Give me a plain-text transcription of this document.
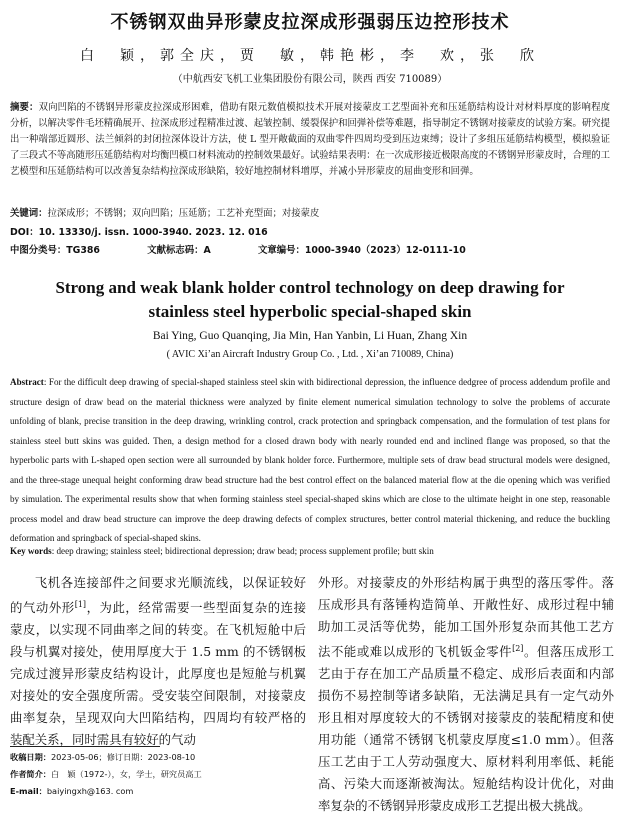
不锈钢双曲异形蒙皮拉深成形强弱压边控形技术
白　颖，郭全庆，贾　敏，韩艳彬，李　欢，张　欣
（中航西安飞机工业集团股份有限公司，陕西 西安 710089）
摘要：双向凹陷的不锈钢异形蒙皮拉深成形困难，借助有限元数值模拟技术开展对接蒙皮工艺型面补充和压延筋结构设计对材料厚度的影响程度分析，以解决零件毛坯精确展开、拉深成形过程精准过渡、起皱控制、缓裂保护和回弹补偿等难题，指导制定不锈钢对接蒙皮的试验方案。研究提出一种端部近圆形、法兰倾斜的封闭拉深体设计方法，使 L 型开敞截面的双曲零件四周均受到压边束缚；设计了多组压延筋结构模型，模拟验证了三段式不等高随形压延筋结构对均衡凹模口材料流动的控制效果最好。试验结果表明：在一次成形接近极限高度的不锈钢异形蒙皮时，合理的工艺模型和压延筋结构可以改善复杂结构拉深成形缺陷，较好地控制材料增厚，并减小异形蒙皮的屈曲变形和回弹。
关键词：拉深成形；不锈钢；双向凹陷；压延筋；工艺补充型面；对接蒙皮
DOI：10. 13330/j. issn. 1000-3940. 2023. 12. 016
中图分类号：TG386	文献标志码：A	文章编号：1000-3940（2023）12-0111-10
Strong and weak blank holder control technology on deep drawing for
stainless steel hyperbolic special-shaped skin
Bai Ying, Guo Quanqing, Jia Min, Han Yanbin, Li Huan, Zhang Xin
( AVIC Xi’an Aircraft Industry Group Co. , Ltd. , Xi’an 710089, China)
Abstract: For the difficult deep drawing of special-shaped stainless steel skin with bidirectional depression, the influence dedgree of process addendum profile and structure design of draw bead on the material thickness were analyzed by finite element numerical simulation technology to solve the problems of accurate unfolding of blank, precise transition in the deep drawing, wrinkling control, crack protection and springback compensation, and the formulation of test plans for stainless steel butt skins was guided. Then, a design method for a closed drawn body with nearly rounded end and inclined flange was proposed, so that the hyperbolic parts with L-shaped open section were all surrounded by blank holder force. Furthermore, multiple sets of draw bead structural models were designed, and the three-stage unequal height conforming draw bead structure had the best control effect on the balanced material flow at the die opening which was verified by simulation. The experimental results show that when forming stainless steel special-shaped skins which are close to the ultimate height in one step, reasonable process model and draw bead structure can improve the deep drawing defects of complex structures, better control material thickening, and reduce the buckling deformation and springback of special-shaped skins.
Key words: deep drawing; stainless steel; bidirectional depression; draw bead; process supplement profile; butt skin
飞机各连接部件之间要求光顺流线，以保证较好的气动外形[1]，为此，经常需要一些型面复杂的连接蒙皮，以实现不同曲率之间的转变。在飞机短舱中后段与机翼对接处，使用厚度大于 1.5 mm 的不锈钢板完成过渡异形蒙皮结构设计，此厚度也是短舱与机翼对接处的安全强度所需。受安装空间限制，对接蒙皮曲率复杂，呈现双向大凹陷结构，四周均有较严格的装配关系，同时需具有较好的气动
外形。对接蒙皮的外形结构属于典型的落压零件。落压成形具有落锤构造简单、开敞性好、成形过程中辅助加工灵活等优势，能加工国外形复杂而其他工艺方法不能或难以成形的飞机钣金零件[2]。但落压成形工艺由于存在加工产品质量不稳定、成形后表面和内部损伤不易控制等诸多缺陷，无法满足具有一定气动外形且相对厚度较大的不锈钢对接蒙皮的装配精度和使用功能（通常不锈钢飞机蒙皮厚度≤1.0 mm）。但落压工艺由于工人劳动强度大、原材料利用率低、耗能高、污染大而逐渐被淘汰。短舱结构设计优化，对曲率复杂的不锈钢异形蒙皮成形工艺提出极大挑战。
收稿日期：2023-05-06；修订日期：2023-08-10
作者简介：白　颖（1972-），女，学士，研究员高工
E-mail：baiyingxh@163. com
